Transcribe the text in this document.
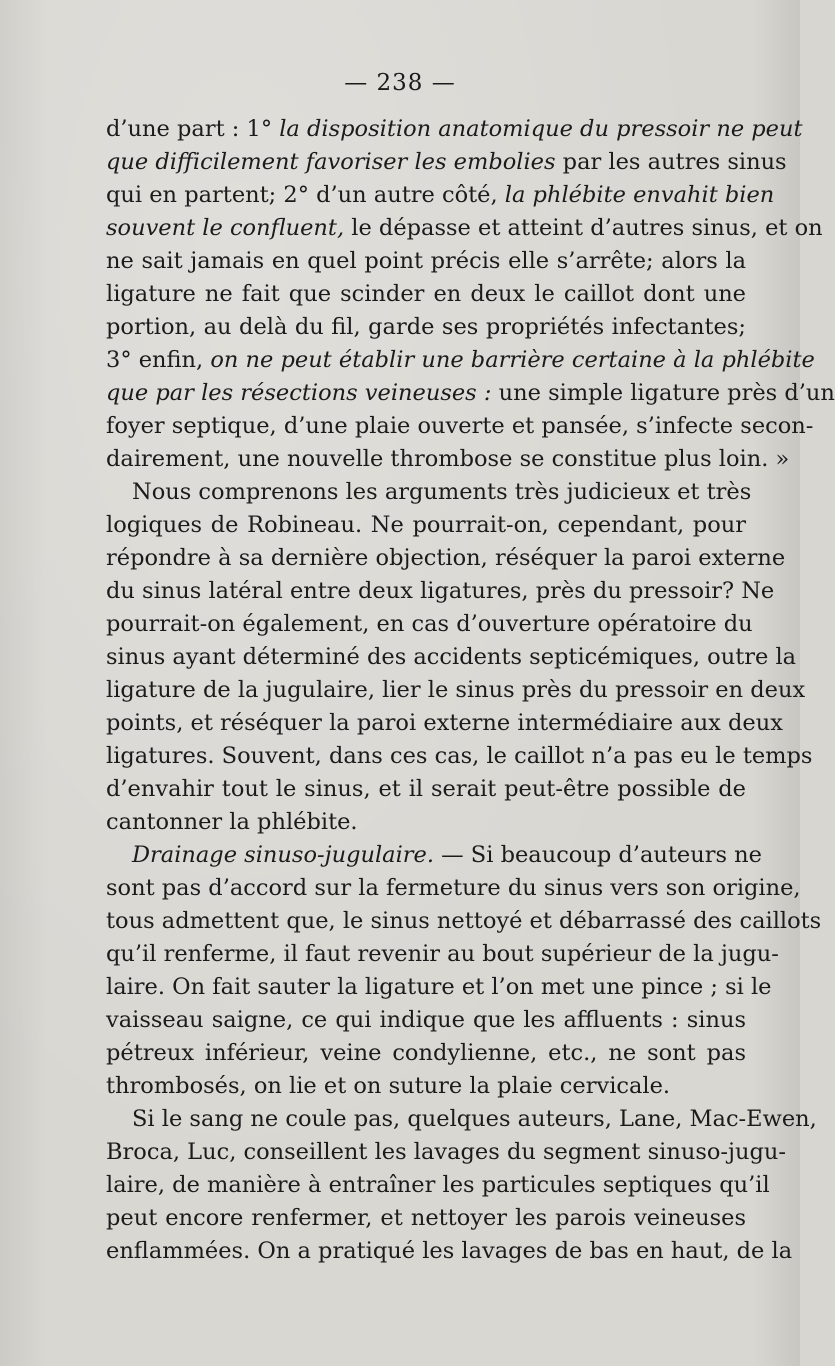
— 238 —
d’une part : 1° la disposition anatomique du pressoir ne peut
que difficilement favoriser les embolies par les autres sinus
qui en partent; 2° d’un autre côté, la phlébite envahit bien
souvent le confluent, le dépasse et atteint d’autres sinus, et on
ne sait jamais en quel point précis elle s’arrête; alors la
ligature ne fait que scinder en deux le caillot dont une
portion, au delà du fil, garde ses propriétés infectantes;
3° enfin, on ne peut établir une barrière certaine à la phlébite
que par les résections veineuses : une simple ligature près d’un
foyer septique, d’une plaie ouverte et pansée, s’infecte secon-
dairement, une nouvelle thrombose se constitue plus loin. »
Nous comprenons les arguments très judicieux et très
logiques de Robineau. Ne pourrait-on, cependant, pour
répondre à sa dernière objection, réséquer la paroi externe
du sinus latéral entre deux ligatures, près du pressoir? Ne
pourrait-on également, en cas d’ouverture opératoire du
sinus ayant déterminé des accidents septicémiques, outre la
ligature de la jugulaire, lier le sinus près du pressoir en deux
points, et réséquer la paroi externe intermédiaire aux deux
ligatures. Souvent, dans ces cas, le caillot n’a pas eu le temps
d’envahir tout le sinus, et il serait peut-être possible de
cantonner la phlébite.
Drainage sinuso-jugulaire. — Si beaucoup d’auteurs ne
sont pas d’accord sur la fermeture du sinus vers son origine,
tous admettent que, le sinus nettoyé et débarrassé des caillots
qu’il renferme, il faut revenir au bout supérieur de la jugu-
laire. On fait sauter la ligature et l’on met une pince ; si le
vaisseau saigne, ce qui indique que les affluents : sinus
pétreux inférieur, veine condylienne, etc., ne sont pas
thrombosés, on lie et on suture la plaie cervicale.
Si le sang ne coule pas, quelques auteurs, Lane, Mac-Ewen,
Broca, Luc, conseillent les lavages du segment sinuso-jugu-
laire, de manière à entraîner les particules septiques qu’il
peut encore renfermer, et nettoyer les parois veineuses
enflammées. On a pratiqué les lavages de bas en haut, de la
